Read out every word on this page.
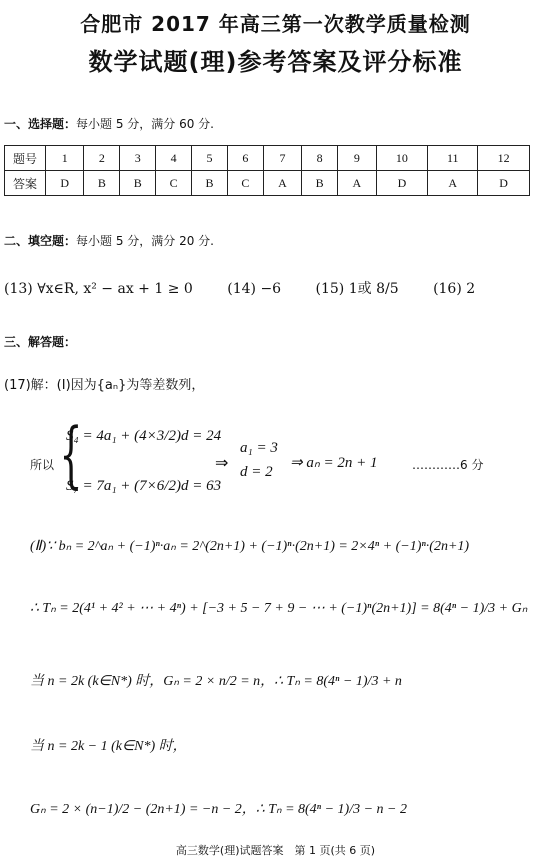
合肥市 2017 年高三第一次教学质量检测
数学试题(理)参考答案及评分标准
一、选择题：每小题 5 分，满分 60 分.
题号	1	2	3	4	5	6	7	8	9	10	11	12
答案	D	B	B	C	B	C	A	B	A	D	A	D
二、填空题：每小题 5 分，满分 20 分.
(13) ∀x∈R, x² − ax + 1 ≥ 0 (14) −6 (15) 1或 8/5 (16) 2
三、解答题：
(17)解：(Ⅰ)因为{aₙ}为等差数列，
所以 {
S₄ = 4a₁ + (4×3/2)d = 24
S₇ = 7a₁ + (7×6/2)d = 63
⇒
a₁ = 3
d = 2
⇒ aₙ = 2n + 1	…………6 分
(Ⅱ)∵ bₙ = 2^aₙ + (−1)ⁿ·aₙ = 2^(2n+1) + (−1)ⁿ·(2n+1) = 2×4ⁿ + (−1)ⁿ·(2n+1)
∴ Tₙ = 2(4¹ + 4² + ⋯ + 4ⁿ) + [−3 + 5 − 7 + 9 − ⋯ + (−1)ⁿ(2n+1)] = 8(4ⁿ − 1)/3 + Gₙ
当 n = 2k (k∈N*) 时，Gₙ = 2 × n/2 = n，∴ Tₙ = 8(4ⁿ − 1)/3 + n
当 n = 2k − 1 (k∈N*) 时，
Gₙ = 2 × (n−1)/2 − (2n+1) = −n − 2，∴ Tₙ = 8(4ⁿ − 1)/3 − n − 2
高三数学(理)试题答案　第 1 页(共 6 页)
